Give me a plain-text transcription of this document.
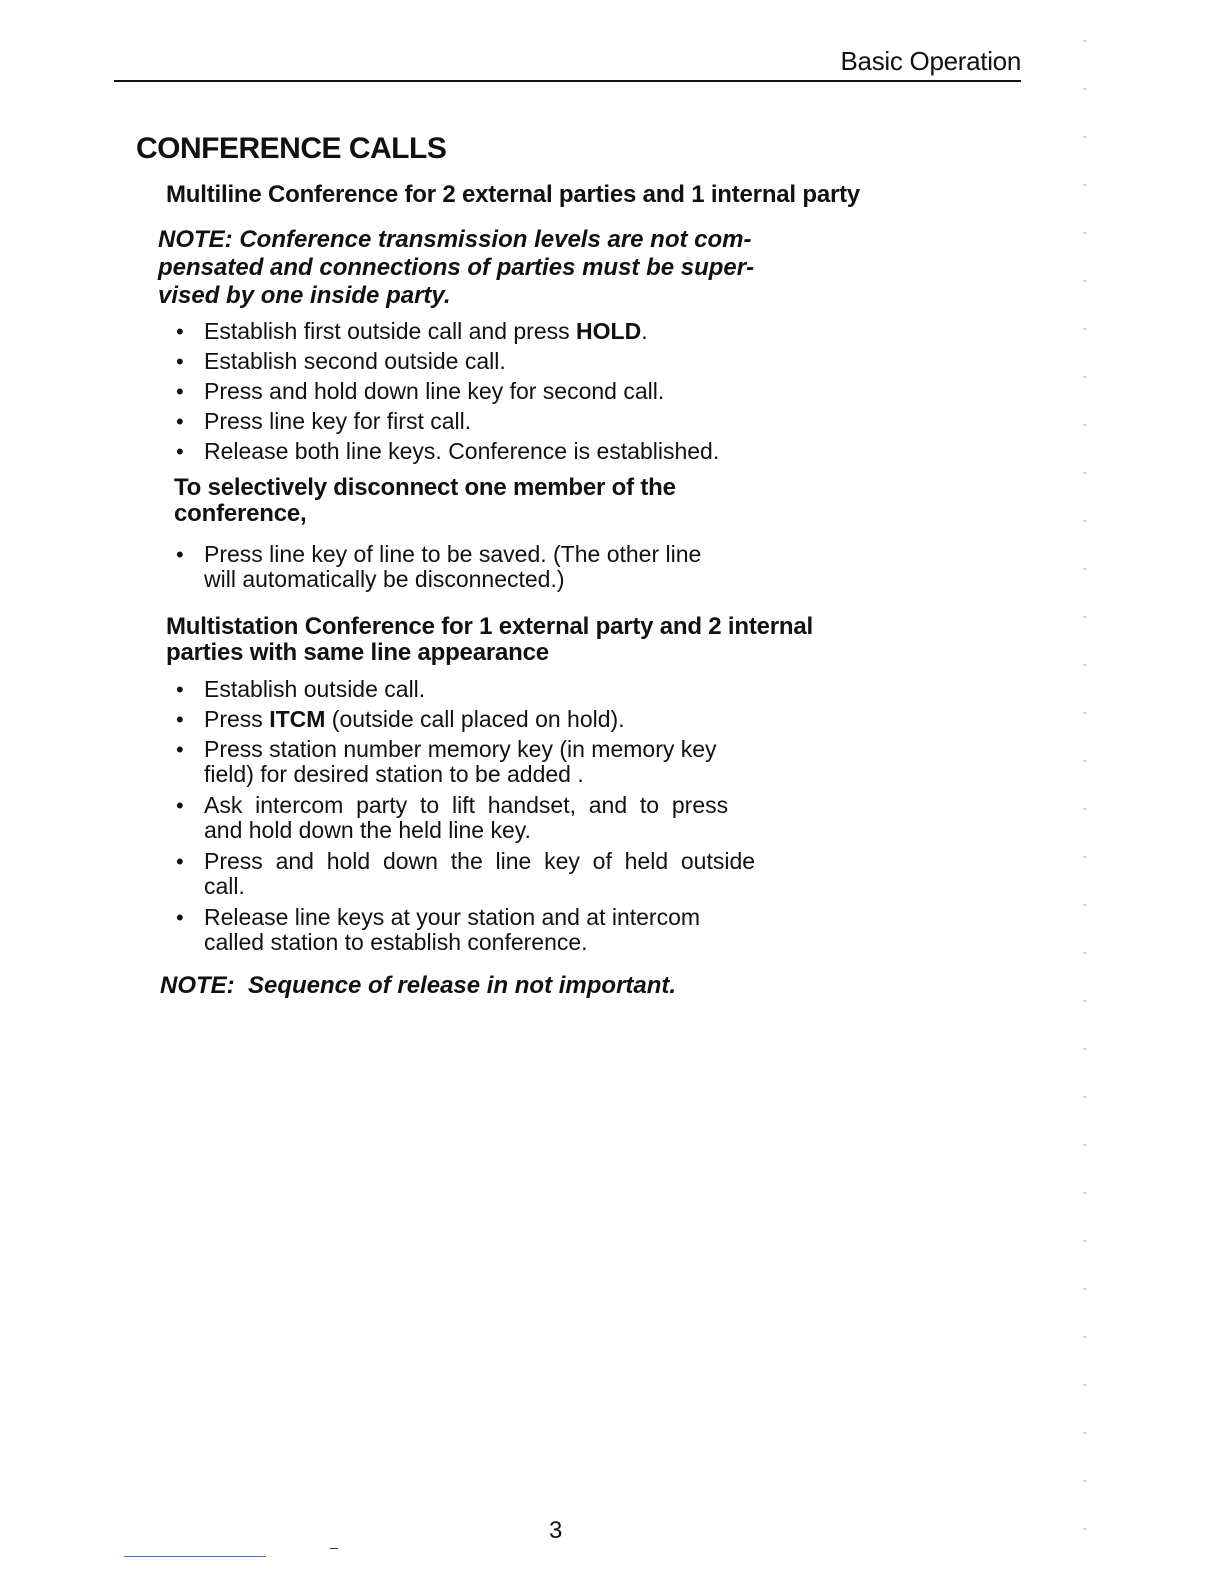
Basic Operation
CONFERENCE CALLS
Multiline Conference for 2 external parties and 1 internal party
NOTE: Conference transmission levels are not com-
pensated and connections of parties must be super-
vised by one inside party.
• Establish first outside call and press HOLD.
• Establish second outside call.
• Press and hold down line key for second call.
• Press line key for first call.
• Release both line keys. Conference is established.
To selectively disconnect one member of the
conference,
• Press line key of line to be saved. (The other line
will automatically be disconnected.)
Multistation Conference for 1 external party and 2 internal
parties with same line appearance
• Establish outside call.
• Press ITCM (outside call placed on hold).
• Press station number memory key (in memory key
field) for desired station to be added .
• Ask  intercom  party  to  lift  handset,  and  to  press
and hold down the held line key.
• Press  and  hold  down  the  line  key  of  held  outside
call.
• Release line keys at your station and at intercom
called station to establish conference.
NOTE:  Sequence of release in not important.
3
